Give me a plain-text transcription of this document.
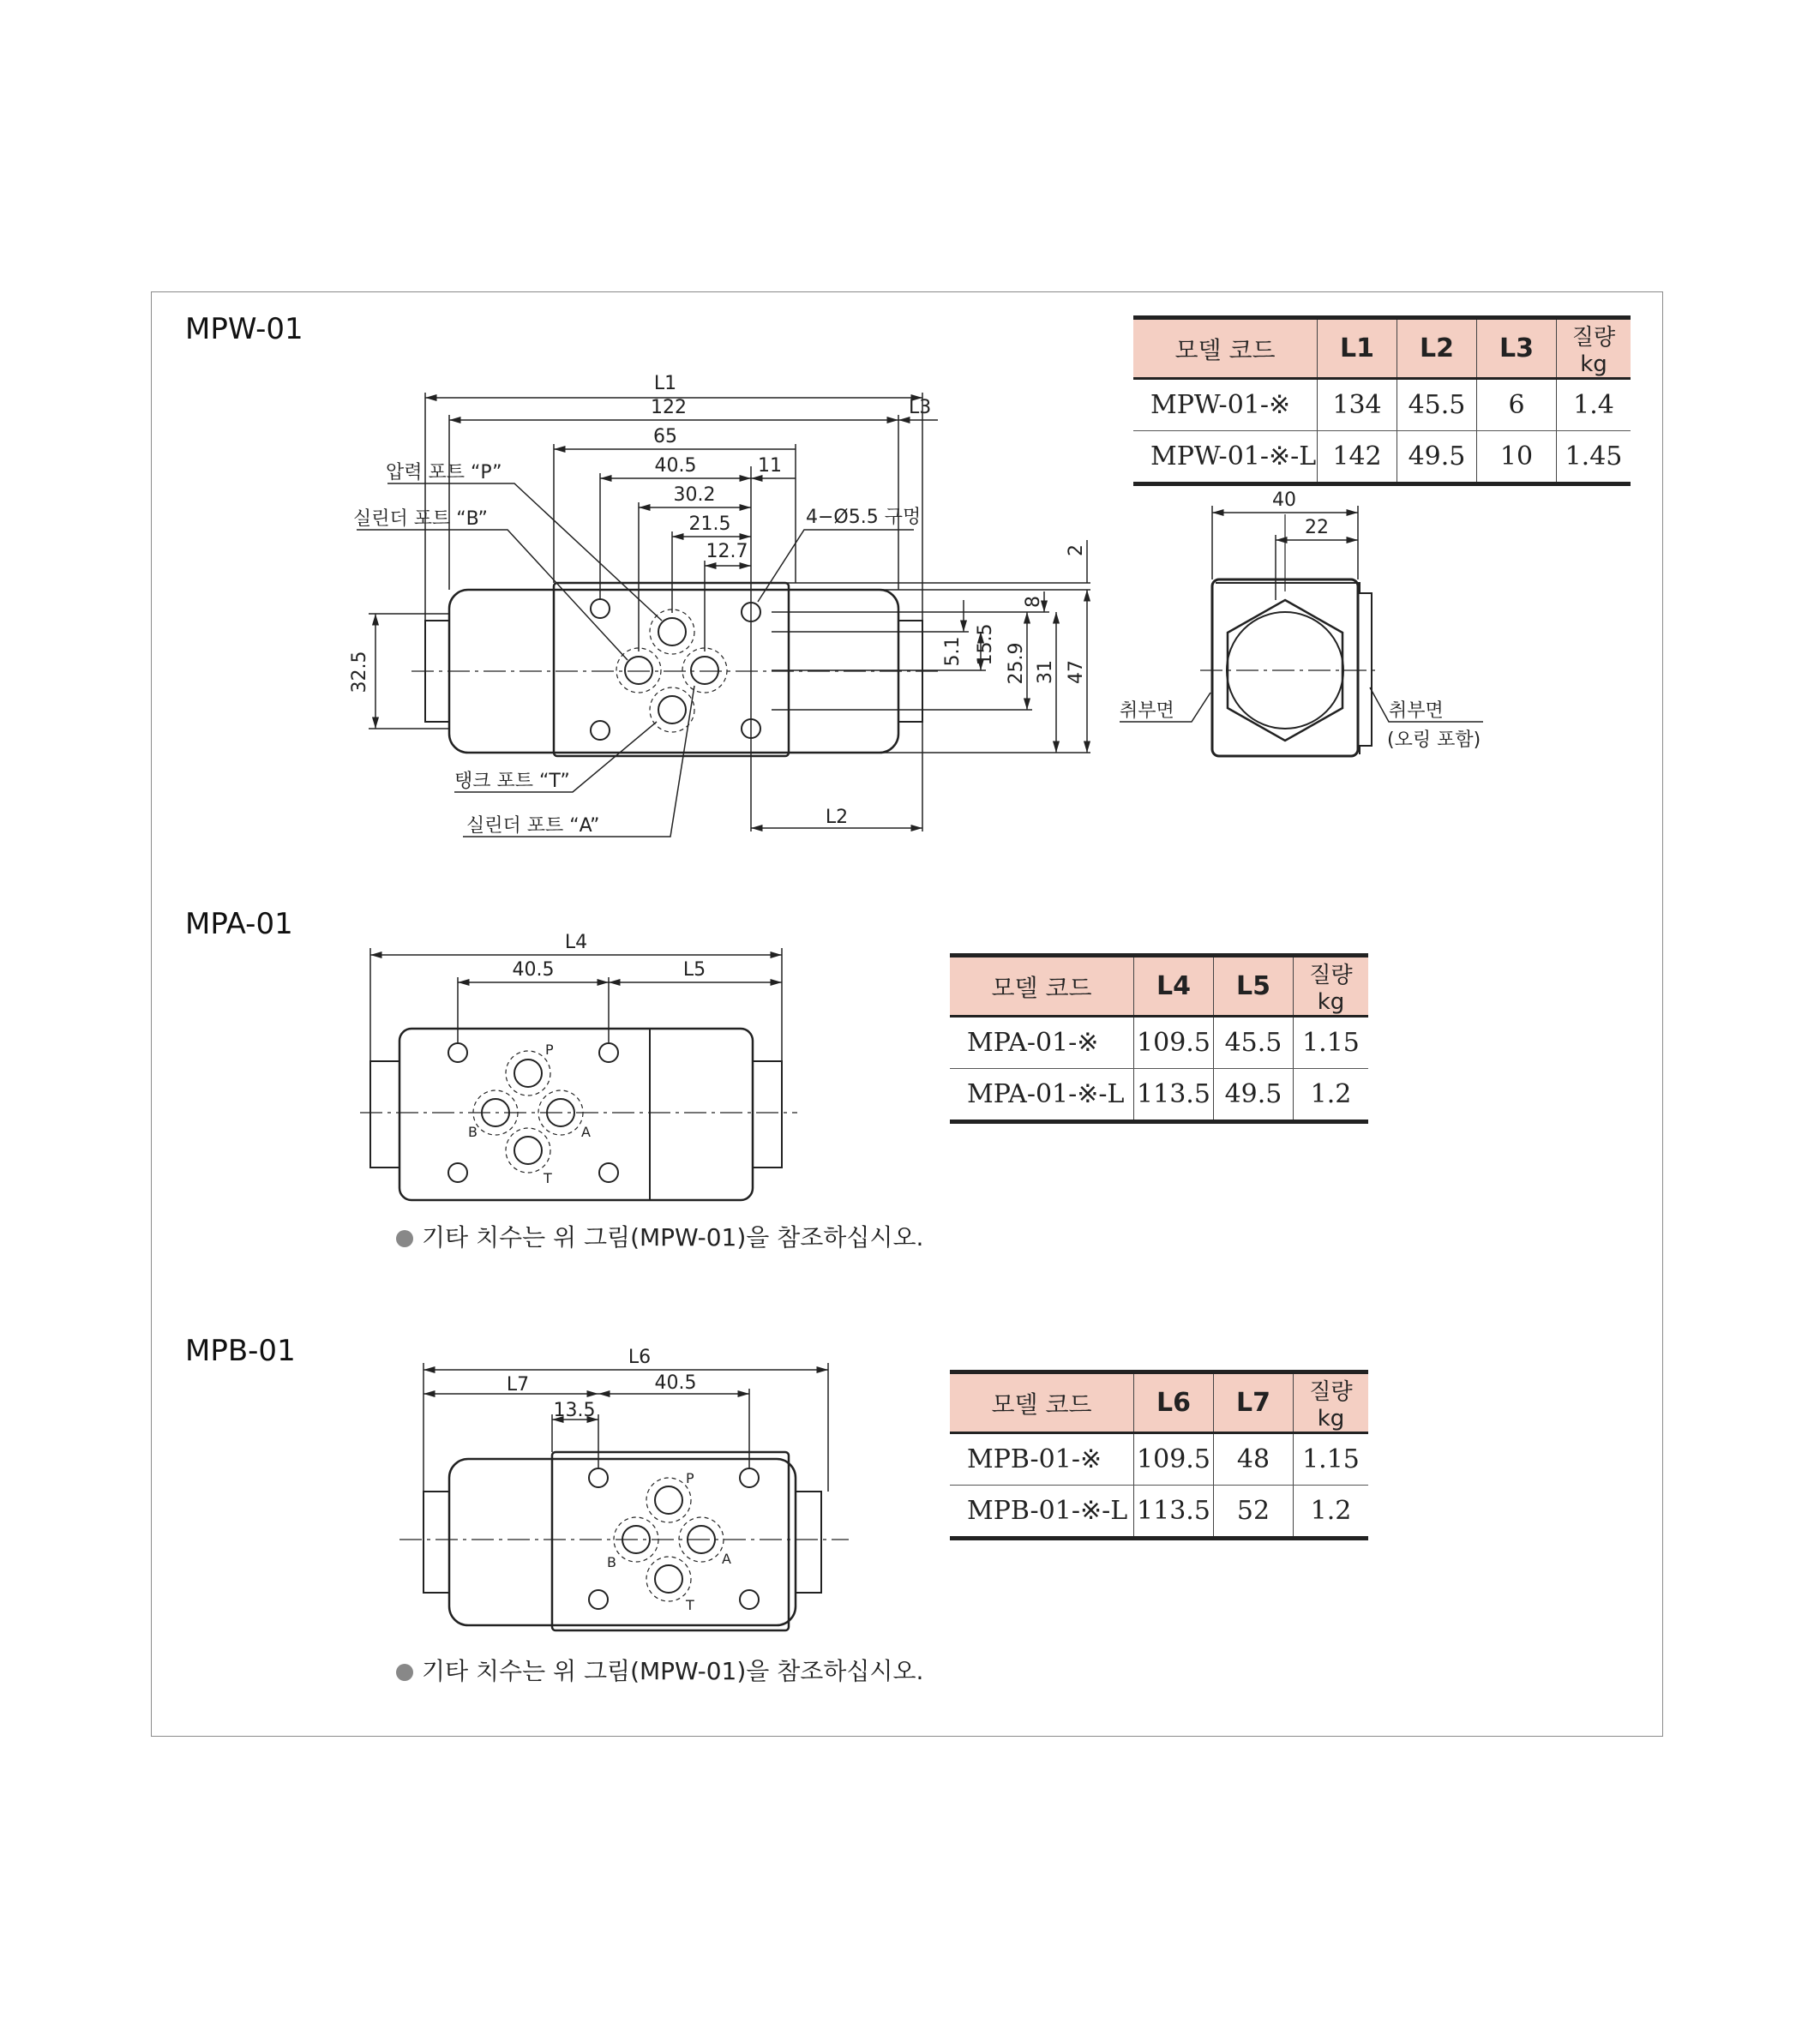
MPW-01
MPA-01
MPB-01
L1
122	L3
65
40.5	11
30.2
21.5
12.7
4−Ø5.5 구멍
L2
2
8
5.1 15.5 25.9 31 47
32.5
압력 포트 “P”
실린더 포트 “B”
탱크 포트 “T”
실린더 포트 “A”
40
22
취부면	취부면
(오링 포함)
L4
40.5	L5
P
A
B
T
L6
L7	40.5
13.5
P
A
B
T
모델 코드	L1	L2	L3	질량 kg
MPW-01-※	134	45.5	6	1.4
MPW-01-※-L	142	49.5	10	1.45
모델 코드	L4	L5	질량 kg
MPA-01-※	109.5	45.5	1.15
MPA-01-※-L	113.5	49.5	1.2
모델 코드	L6	L7	질량 kg
MPB-01-※	109.5	48	1.15
MPB-01-※-L	113.5	52	1.2
기타 치수는 위 그림(MPW-01)을 참조하십시오.
기타 치수는 위 그림(MPW-01)을 참조하십시오.
